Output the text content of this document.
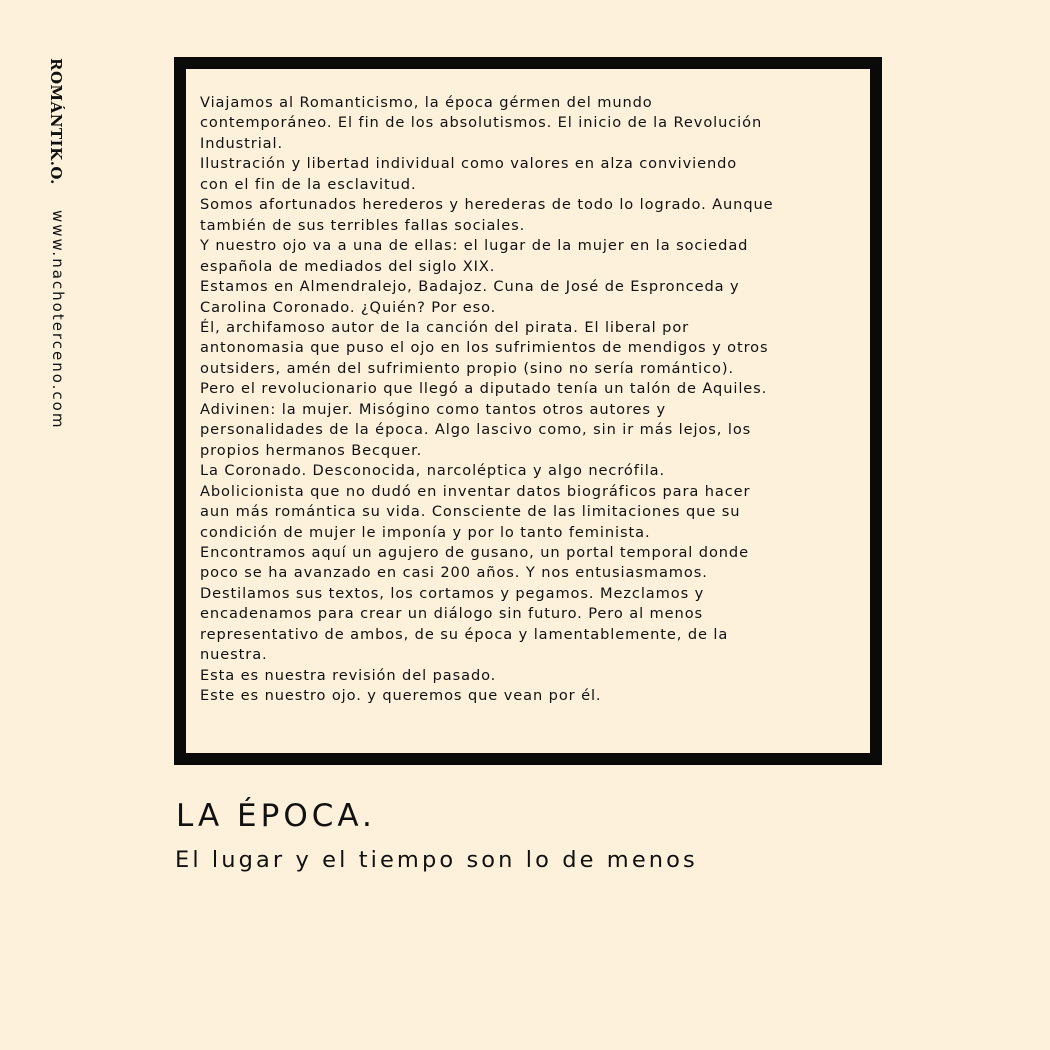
ROMÁNTIK.O.
www.nachoterceno.com

Viajamos al Romanticismo, la época gérmen del mundo
contemporáneo. El fin de los absolutismos. El inicio de la Revolución
Industrial.
Ilustración y libertad individual como valores en alza conviviendo
con el fin de la esclavitud.
Somos afortunados herederos y herederas de todo lo logrado. Aunque
también de sus terribles fallas sociales.
Y nuestro ojo va a una de ellas: el lugar de la mujer en la sociedad
española de mediados del siglo XIX.
Estamos en Almendralejo, Badajoz. Cuna de José de Espronceda y
Carolina Coronado. ¿Quién? Por eso.
Él, archifamoso autor de la canción del pirata. El liberal por
antonomasia que puso el ojo en los sufrimientos de mendigos y otros
outsiders, amén del sufrimiento propio (sino no sería romántico).
Pero el revolucionario que llegó a diputado tenía un talón de Aquiles.
Adivinen: la mujer. Misógino como tantos otros autores y
personalidades de la época. Algo lascivo como, sin ir más lejos, los
propios hermanos Becquer.
La Coronado. Desconocida, narcoléptica y algo necrófila.
Abolicionista que no dudó en inventar datos biográficos para hacer
aun más romántica su vida. Consciente de las limitaciones que su
condición de mujer le imponía y por lo tanto feminista.
Encontramos aquí un agujero de gusano, un portal temporal donde
poco se ha avanzado en casi 200 años. Y nos entusiasmamos.
Destilamos sus textos, los cortamos y pegamos. Mezclamos y
encadenamos para crear un diálogo sin futuro. Pero al menos
representativo de ambos, de su época y lamentablemente, de la
nuestra.
Esta es nuestra revisión del pasado.
Este es nuestro ojo. y queremos que vean por él.

LA ÉPOCA.

El lugar y el tiempo son lo de menos
